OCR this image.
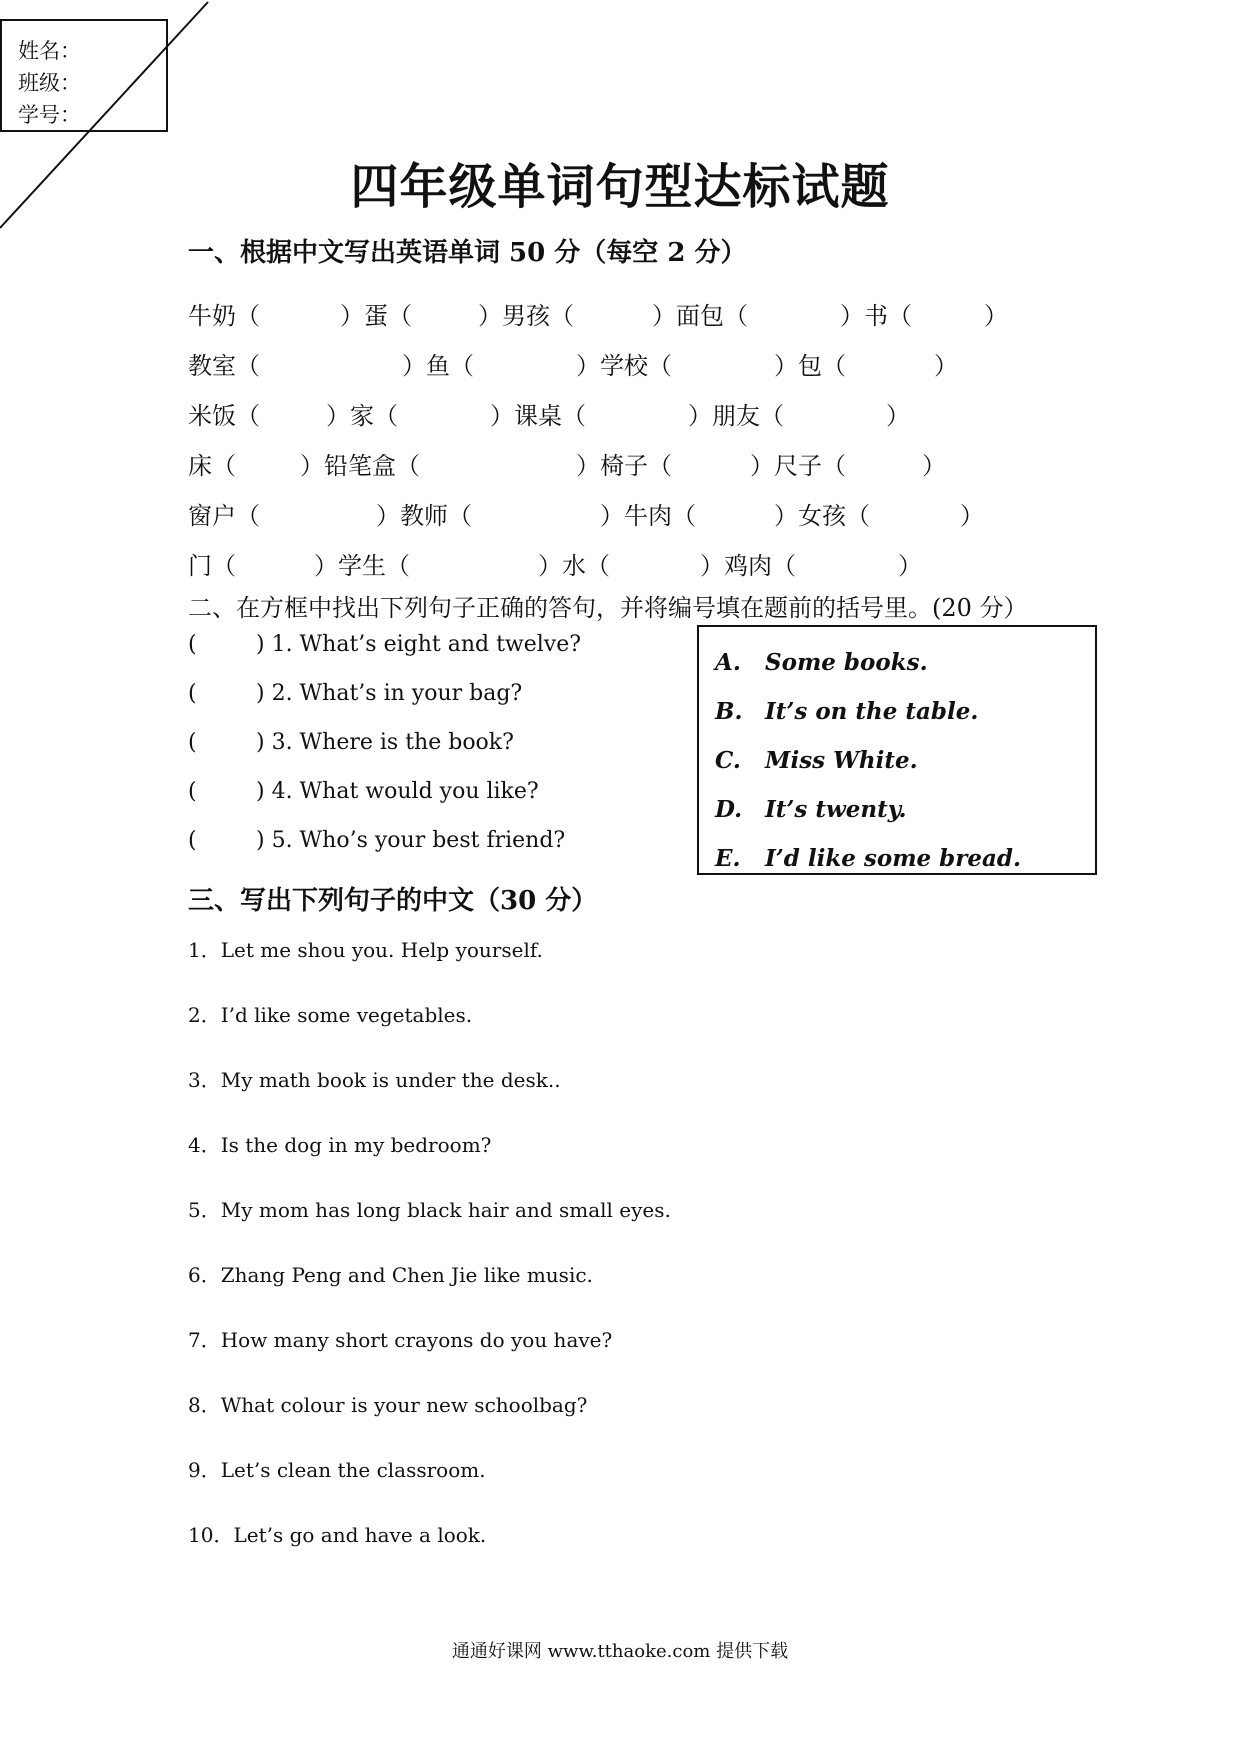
姓名：
班级：
学号：
四年级单词句型达标试题
一、根据中文写出英语单词 50 分（每空 2 分）
牛奶（	）蛋（	）男孩（	）面包（	）书（	）
教室（	）鱼（	）学校（	）包（	）
米饭（	）家（	）课桌（	）朋友（	）
床（	）铅笔盒（	）椅子（	）尺子（	）
窗户（	）教师（	）牛肉（	）女孩（	）
门（	）学生（	）水（	）鸡肉（	）
二、在方框中找出下列句子正确的答句，并将编号填在题前的括号里。(20 分）
(	) 1. What’s eight and twelve?
(	) 2. What’s in your bag?
(	) 3. Where is the book?
(	) 4. What would you like?
(	) 5. Who’s your best friend?
A. Some books.
B. It’s on the table.
C. Miss White.
D. It’s twenty.
E. I’d like some bread.
三、写出下列句子的中文（30 分）
1．Let me shou you. Help yourself.
2．I’d like some vegetables.
3．My math book is under the desk..
4．Is the dog in my bedroom?
5．My mom has long black hair and small eyes.
6．Zhang Peng and Chen Jie like music.
7．How many short crayons do you have?
8．What colour is your new schoolbag?
9．Let’s clean the classroom.
10．Let’s go and have a look.
通通好课网 www.tthaoke.com 提供下载
